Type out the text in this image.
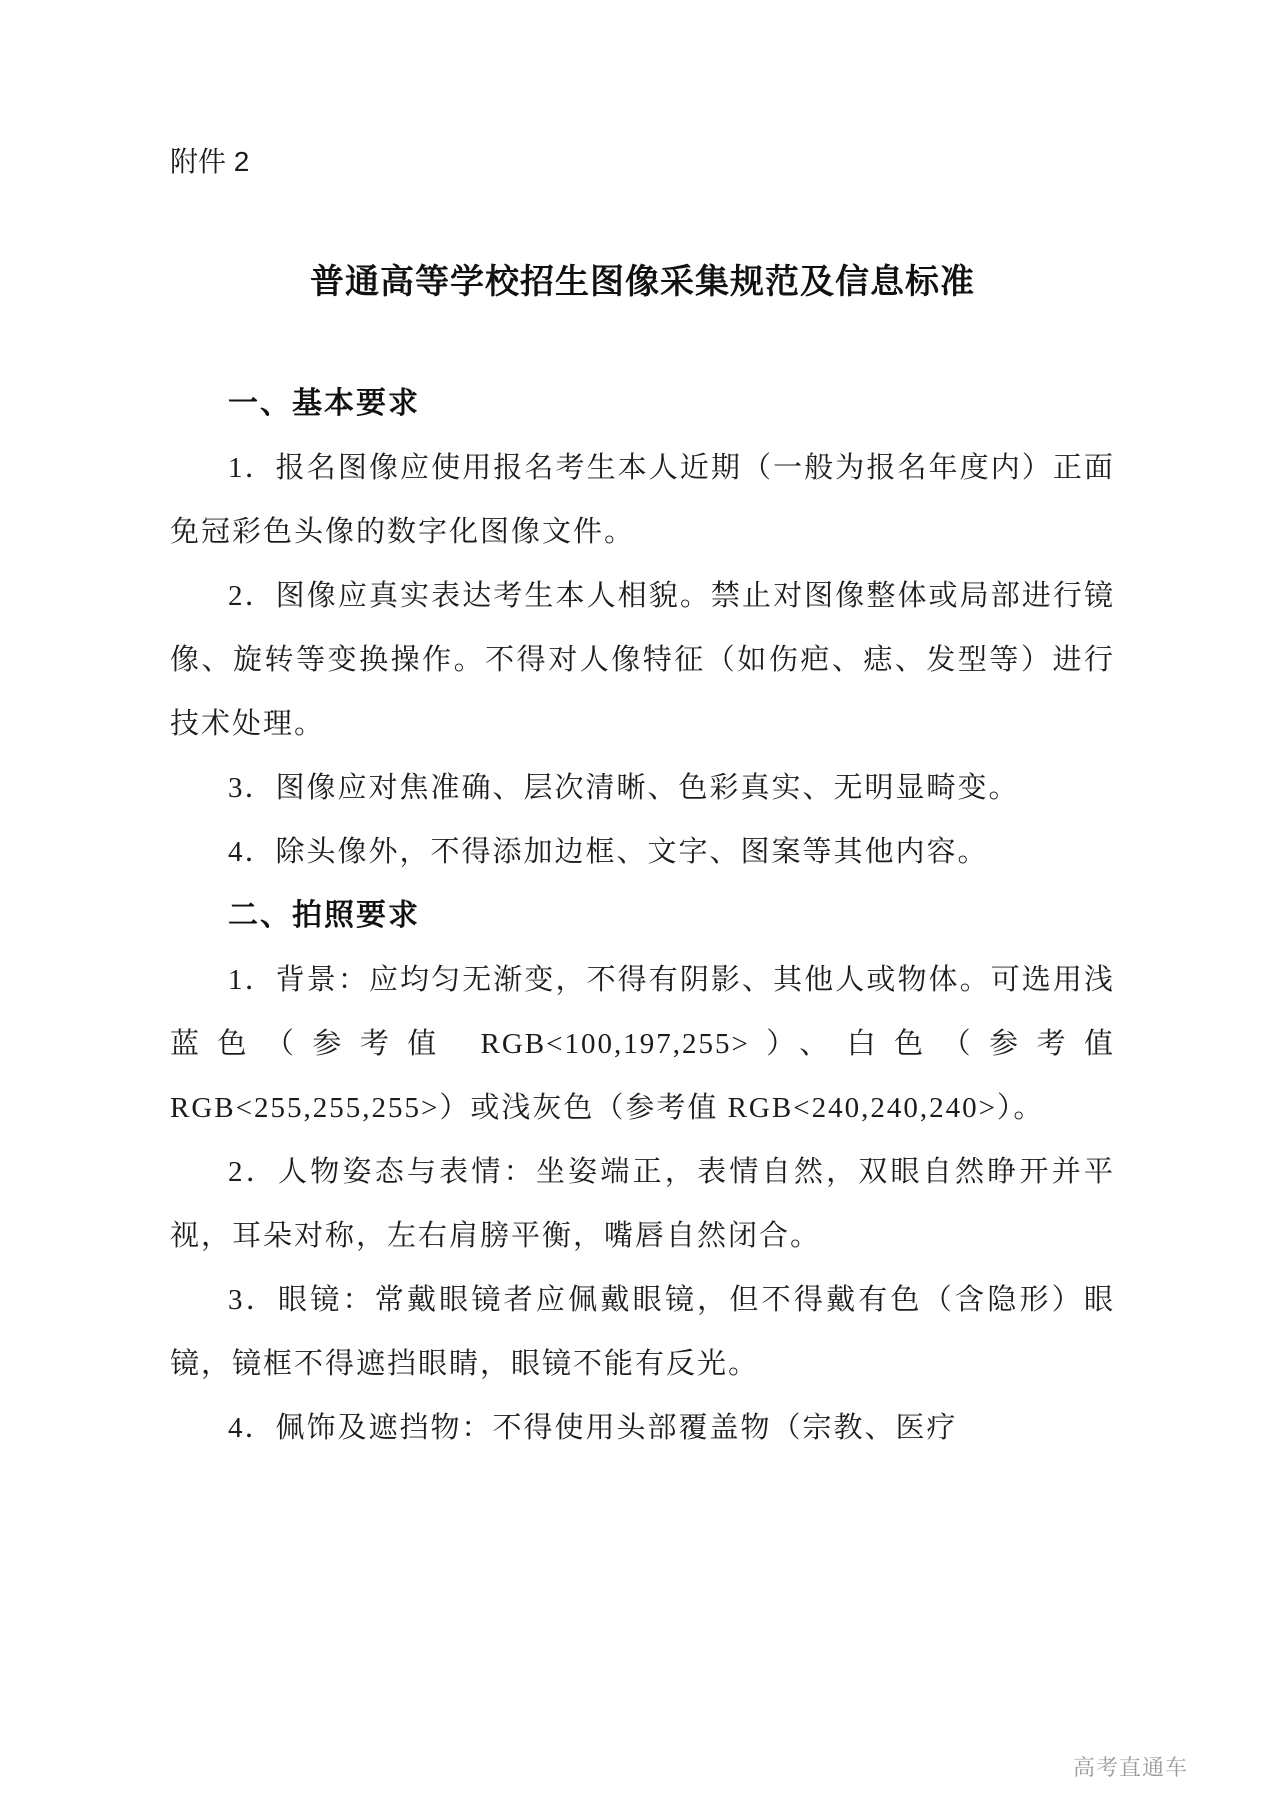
附件 2
普通高等学校招生图像采集规范及信息标准
一、基本要求

1．报名图像应使用报名考生本人近期（一般为报名年度内）正面免冠彩色头像的数字化图像文件。

2．图像应真实表达考生本人相貌。禁止对图像整体或局部进行镜像、旋转等变换操作。不得对人像特征（如伤疤、痣、发型等）进行技术处理。

3．图像应对焦准确、层次清晰、色彩真实、无明显畸变。

4．除头像外，不得添加边框、文字、图案等其他内容。

二、拍照要求

1．背景：应均匀无渐变，不得有阴影、其他人或物体。可选用浅蓝色（参考值 RGB<100,197,255>）、白色（参考值 RGB<255,255,255>）或浅灰色（参考值 RGB<240,240,240>）。

2．人物姿态与表情：坐姿端正，表情自然，双眼自然睁开并平视，耳朵对称，左右肩膀平衡，嘴唇自然闭合。

3．眼镜：常戴眼镜者应佩戴眼镜，但不得戴有色（含隐形）眼镜，镜框不得遮挡眼睛，眼镜不能有反光。

4．佩饰及遮挡物：不得使用头部覆盖物（宗教、医疗

高考直通车
